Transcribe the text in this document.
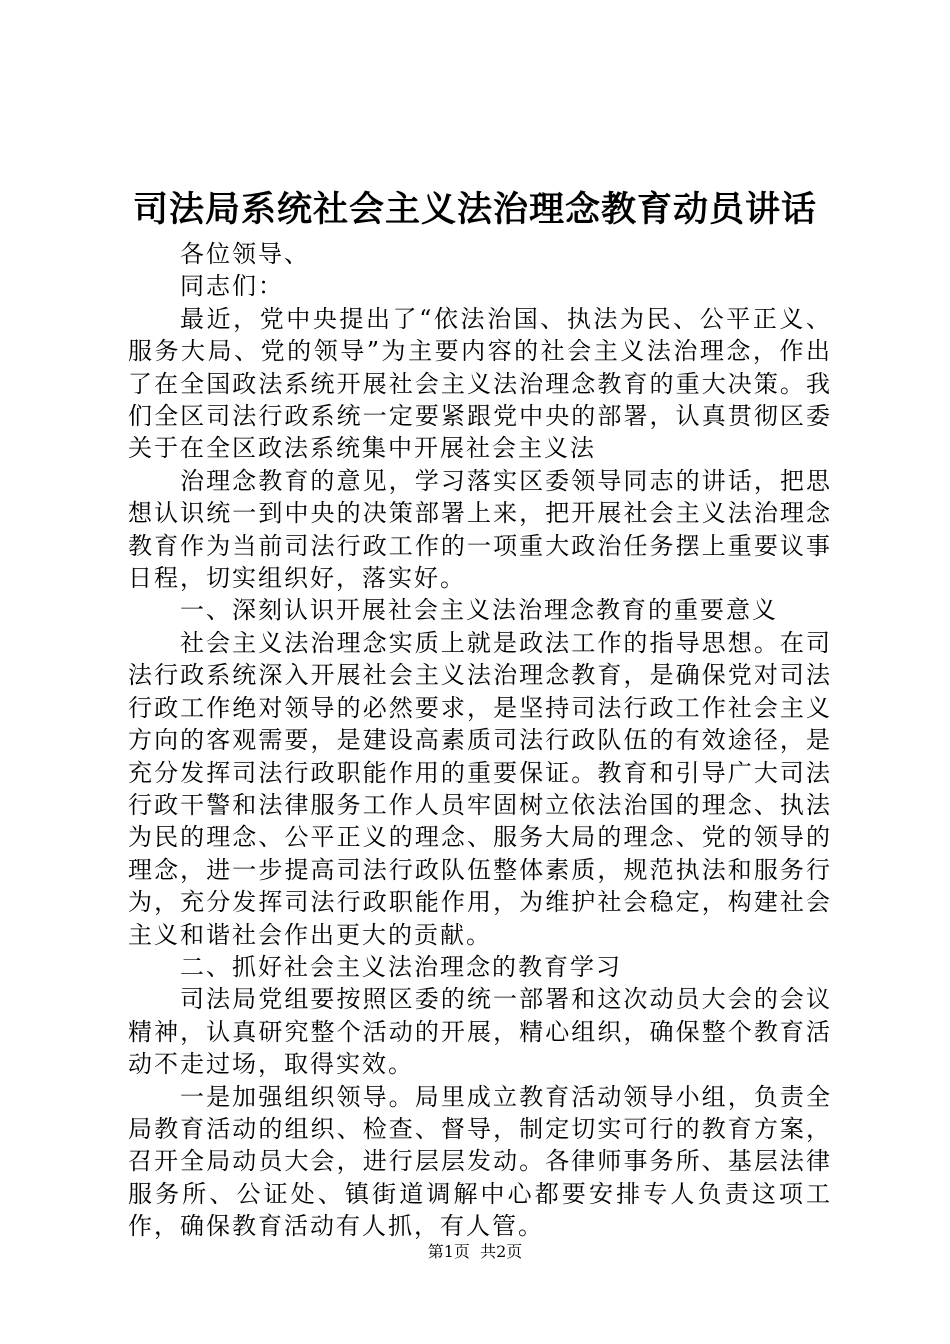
司法局系统社会主义法治理念教育动员讲话

各位领导、

同志们：

最近，党中央提出了“依法治国、执法为民、公平正义、服务大局、党的领导”为主要内容的社会主义法治理念，作出了在全国政法系统开展社会主义法治理念教育的重大决策。我们全区司法行政系统一定要紧跟党中央的部署，认真贯彻区委关于在全区政法系统集中开展社会主义法

治理念教育的意见，学习落实区委领导同志的讲话，把思想认识统一到中央的决策部署上来，把开展社会主义法治理念教育作为当前司法行政工作的一项重大政治任务摆上重要议事日程，切实组织好，落实好。

一、深刻认识开展社会主义法治理念教育的重要意义

社会主义法治理念实质上就是政法工作的指导思想。在司法行政系统深入开展社会主义法治理念教育，是确保党对司法行政工作绝对领导的必然要求，是坚持司法行政工作社会主义方向的客观需要，是建设高素质司法行政队伍的有效途径，是充分发挥司法行政职能作用的重要保证。教育和引导广大司法行政干警和法律服务工作人员牢固树立依法治国的理念、执法为民的理念、公平正义的理念、服务大局的理念、党的领导的理念，进一步提高司法行政队伍整体素质，规范执法和服务行为，充分发挥司法行政职能作用，为维护社会稳定，构建社会主义和谐社会作出更大的贡献。

二、抓好社会主义法治理念的教育学习

司法局党组要按照区委的统一部署和这次动员大会的会议精神，认真研究整个活动的开展，精心组织，确保整个教育活动不走过场，取得实效。

一是加强组织领导。局里成立教育活动领导小组，负责全局教育活动的组织、检查、督导，制定切实可行的教育方案，召开全局动员大会，进行层层发动。各律师事务所、基层法律服务所、公证处、镇街道调解中心都要安排专人负责这项工作，确保教育活动有人抓，有人管。

第1页 共2页
